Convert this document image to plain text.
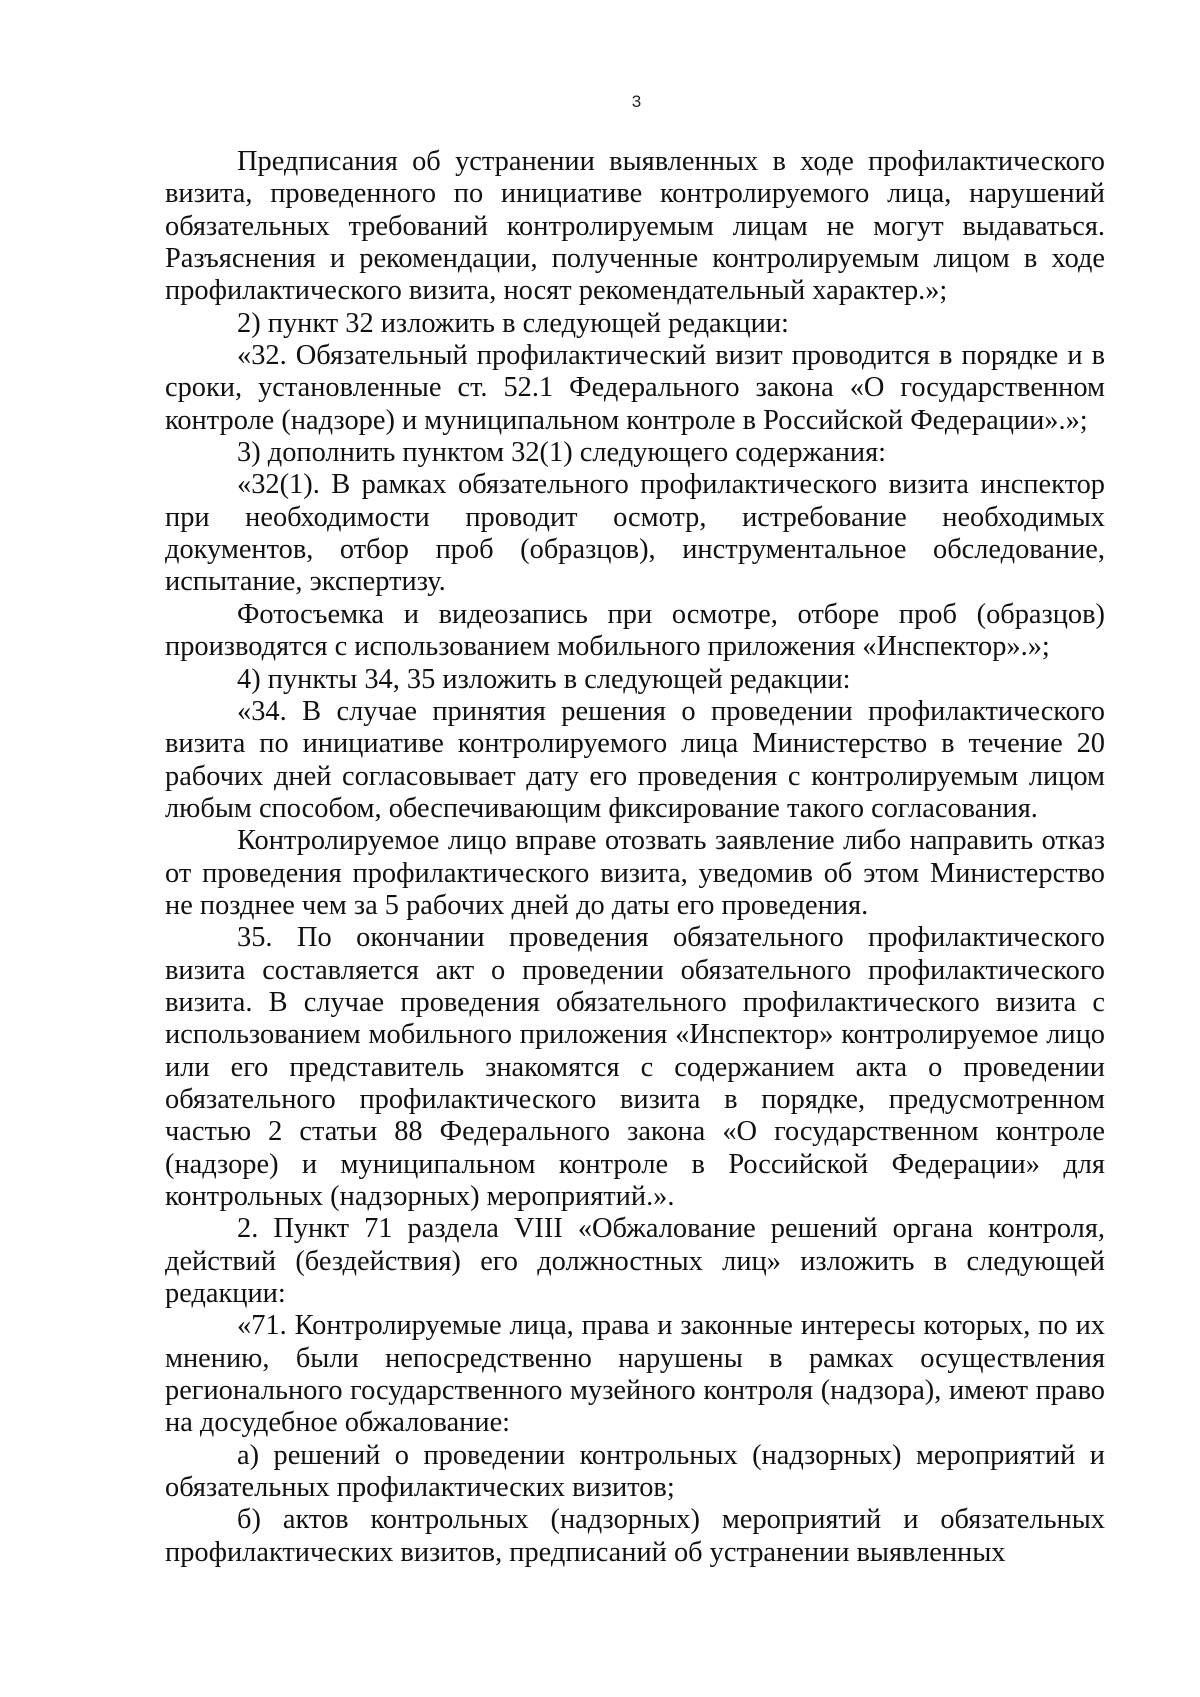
3

Предписания об устранении выявленных в ходе профилактического визита, проведенного по инициативе контролируемого лица, нарушений обязательных требований контролируемым лицам не могут выдаваться. Разъяснения и рекомендации, полученные контролируемым лицом в ходе профилактического визита, носят рекомендательный характер.»;

2) пункт 32 изложить в следующей редакции:

«32. Обязательный профилактический визит проводится в порядке и в сроки, установленные ст. 52.1 Федерального закона «О государственном контроле (надзоре) и муниципальном контроле в Российской Федерации».»;

3) дополнить пунктом 32(1) следующего содержания:

«32(1). В рамках обязательного профилактического визита инспектор при необходимости проводит осмотр, истребование необходимых документов, отбор проб (образцов), инструментальное обследование, испытание, экспертизу.

Фотосъемка и видеозапись при осмотре, отборе проб (образцов) производятся с использованием мобильного приложения «Инспектор».»;

4) пункты 34, 35 изложить в следующей редакции:

«34. В случае принятия решения о проведении профилактического визита по инициативе контролируемого лица Министерство в течение 20 рабочих дней согласовывает дату его проведения с контролируемым лицом любым способом, обеспечивающим фиксирование такого согласования.

Контролируемое лицо вправе отозвать заявление либо направить отказ от проведения профилактического визита, уведомив об этом Министерство не позднее чем за 5 рабочих дней до даты его проведения.

35. По окончании проведения обязательного профилактического визита составляется акт о проведении обязательного профилактического визита. В случае проведения обязательного профилактического визита с использованием мобильного приложения «Инспектор» контролируемое лицо или его представитель знакомятся с содержанием акта о проведении обязательного профилактического визита в порядке, предусмотренном частью 2 статьи 88 Федерального закона «О государственном контроле (надзоре) и муниципальном контроле в Российской Федерации» для контрольных (надзорных) мероприятий.».

2. Пункт 71 раздела VIII «Обжалование решений органа контроля, действий (бездействия) его должностных лиц» изложить в следующей редакции:

«71. Контролируемые лица, права и законные интересы которых, по их мнению, были непосредственно нарушены в рамках осуществления регионального государственного музейного контроля (надзора), имеют право на досудебное обжалование:

а) решений о проведении контрольных (надзорных) мероприятий и обязательных профилактических визитов;

б) актов контрольных (надзорных) мероприятий и обязательных профилактических визитов, предписаний об устранении выявленных
